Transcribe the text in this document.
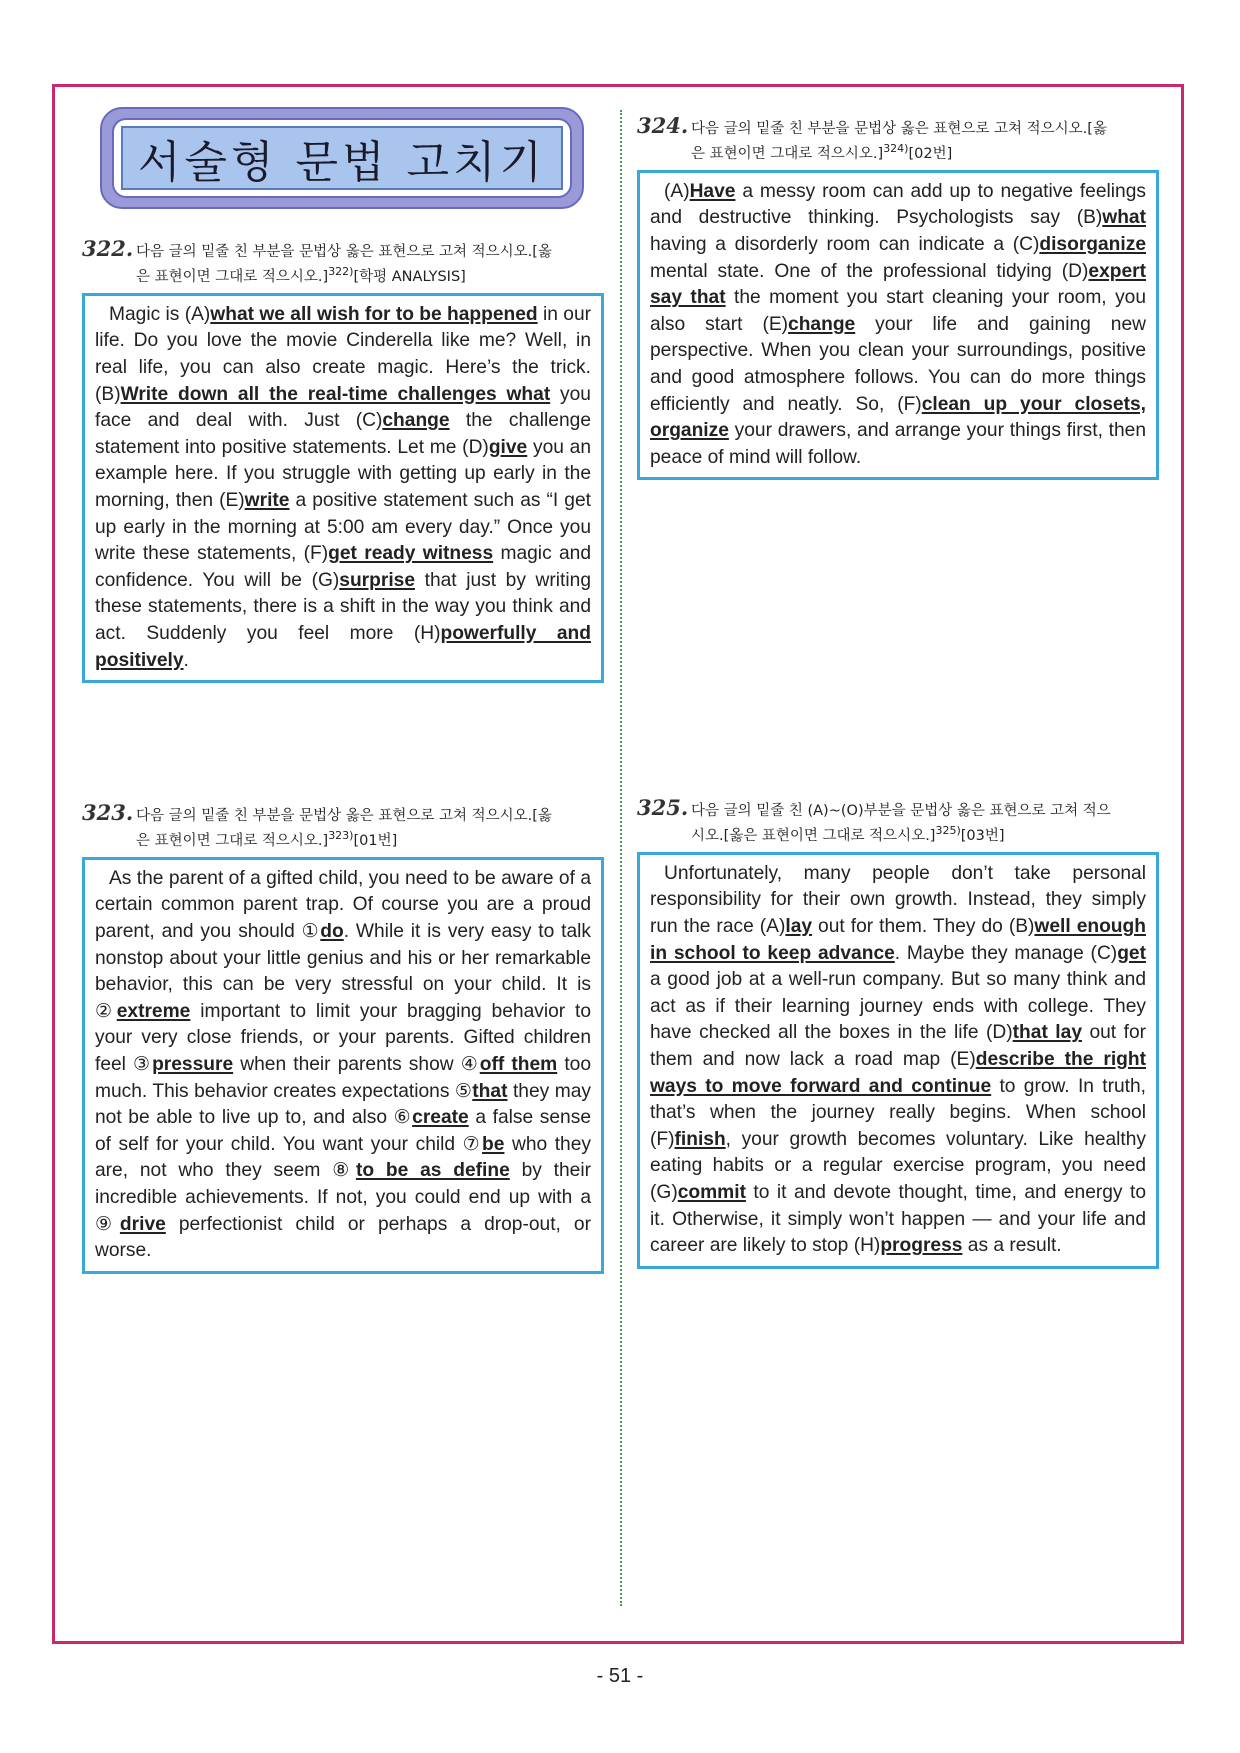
서술형 문법 고치기
322. 다음 글의 밑줄 친 부분을 문법상 옳은 표현으로 고쳐 적으시오.[옳
은 표현이면 그대로 적으시오.]$^{322)}$[학평 ANALYSIS]
Magic is (A)what we all wish for to be happened in our life. Do you love the movie Cinderella like me? Well, in real life, you can also create magic. Here’s the trick. (B)Write down all the real-time challenges what you face and deal with. Just (C)change the challenge statement into positive statements. Let me (D)give you an example here. If you struggle with getting up early in the morning, then (E)write a positive statement such as “I get up early in the morning at 5:00 am every day.” Once you write these statements, (F)get ready witness magic and confidence. You will be (G)surprise that just by writing these statements, there is a shift in the way you think and act. Suddenly you feel more (H)powerfully and positively.
323. 다음 글의 밑줄 친 부분을 문법상 옳은 표현으로 고쳐 적으시오.[옳
은 표현이면 그대로 적으시오.]$^{323)}$[01번]
As the parent of a gifted child, you need to be aware of a certain common parent trap. Of course you are a proud parent, and you should ①do. While it is very easy to talk nonstop about your little genius and his or her remarkable behavior, this can be very stressful on your child. It is ②extreme important to limit your bragging behavior to your very close friends, or your parents. Gifted children feel ③pressure when their parents show ④off them too much. This behavior creates expectations ⑤that they may not be able to live up to, and also ⑥create a false sense of self for your child. You want your child ⑦be who they are, not who they seem ⑧to be as define by their incredible achievements. If not, you could end up with a ⑨drive perfectionist child or perhaps a drop-out, or worse.
324. 다음 글의 밑줄 친 부분을 문법상 옳은 표현으로 고쳐 적으시오.[옳
은 표현이면 그대로 적으시오.]$^{324)}$[02번]
(A)Have a messy room can add up to negative feelings and destructive thinking. Psychologists say (B)what having a disorderly room can indicate a (C)disorganize mental state. One of the professional tidying (D)expert say that the moment you start cleaning your room, you also start (E)change your life and gaining new perspective. When you clean your surroundings, positive and good atmosphere follows. You can do more things efficiently and neatly. So, (F)clean up your closets, organize your drawers, and arrange your things first, then peace of mind will follow.
325. 다음 글의 밑줄 친 (A)~(O)부분을 문법상 옳은 표현으로 고쳐 적으
시오.[옳은 표현이면 그대로 적으시오.]$^{325)}$[03번]
Unfortunately, many people don’t take personal responsibility for their own growth. Instead, they simply run the race (A)lay out for them. They do (B)well enough in school to keep advance. Maybe they manage (C)get a good job at a well-run company. But so many think and act as if their learning journey ends with college. They have checked all the boxes in the life (D)that lay out for them and now lack a road map (E)describe the right ways to move forward and continue to grow. In truth, that’s when the journey really begins. When school (F)finish, your growth becomes voluntary. Like healthy eating habits or a regular exercise program, you need (G)commit to it and devote thought, time, and energy to it. Otherwise, it simply won’t happen ― and your life and career are likely to stop (H)progress as a result.
- 51 -
